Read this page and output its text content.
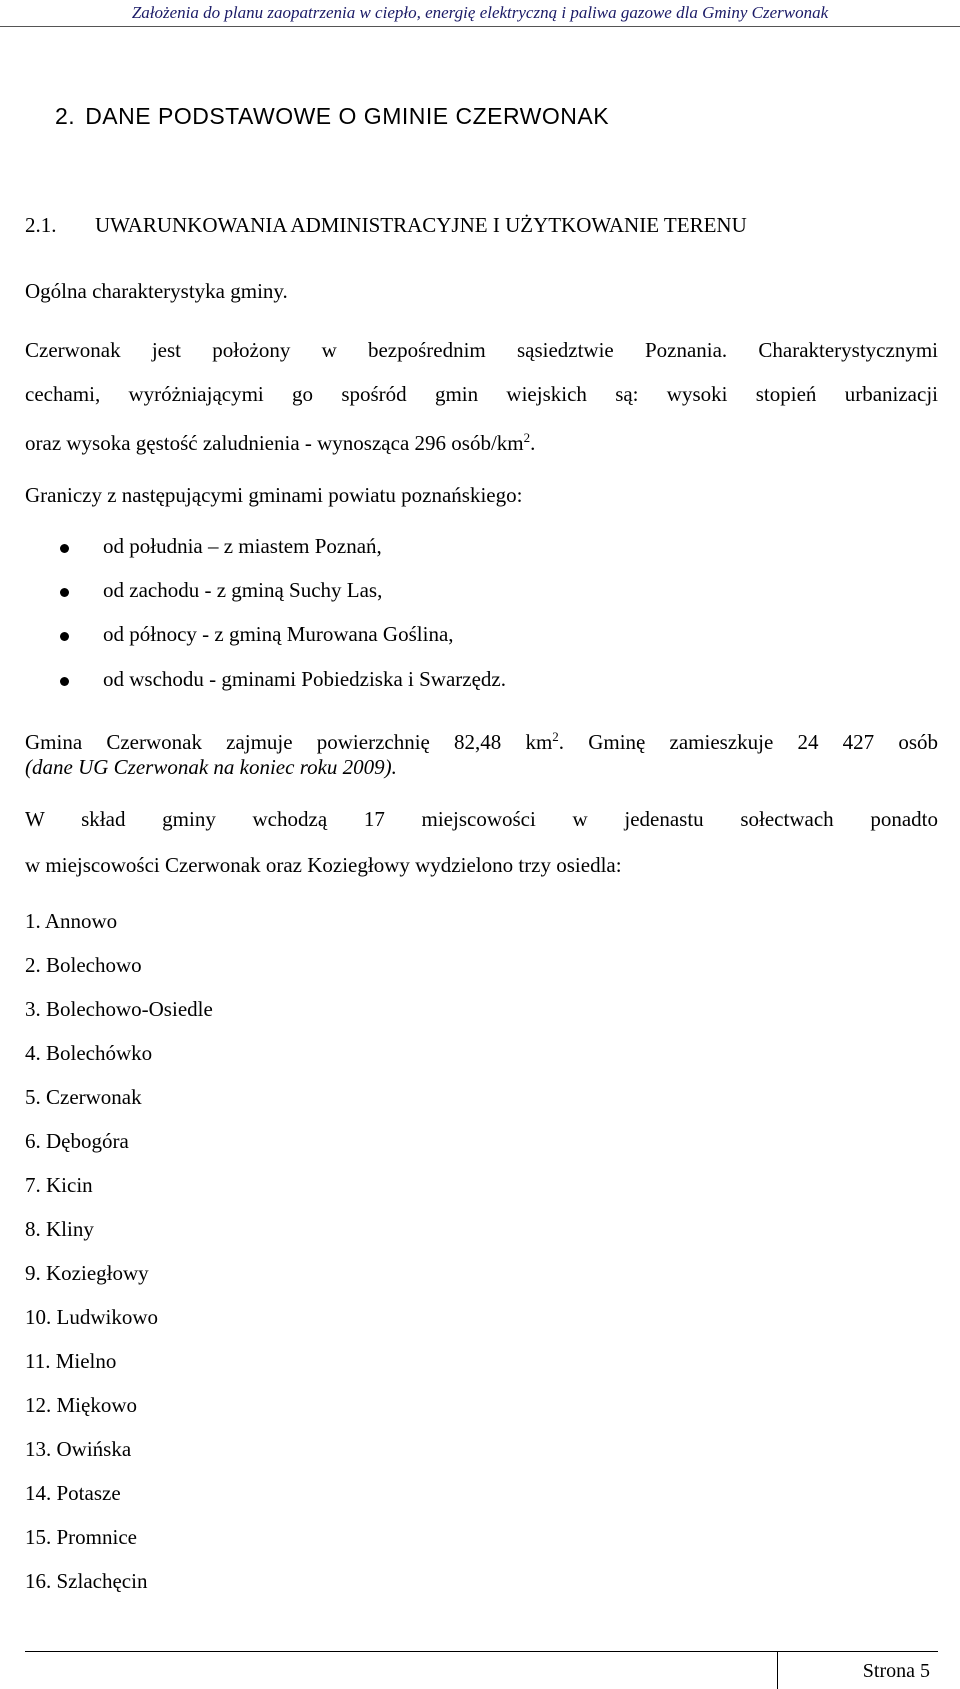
Założenia do planu zaopatrzenia w ciepło, energię elektryczną i paliwa gazowe dla Gminy Czerwonak
2. DANE PODSTAWOWE O GMINIE CZERWONAK
2.1. UWARUNKOWANIA ADMINISTRACYJNE I UŻYTKOWANIE TERENU
Ogólna charakterystyka gminy.
Czerwonak jest położony w bezpośrednim sąsiedztwie Poznania. Charakterystycznymi
cechami, wyróżniającymi go spośród gmin wiejskich są: wysoki stopień urbanizacji
oraz wysoka gęstość zaludnienia - wynosząca 296 osób/$km^2$.
Graniczy z następującymi gminami powiatu poznańskiego:
od południa – z miastem Poznań,
od zachodu - z gminą Suchy Las,
od północy - z gminą Murowana Goślina,
od wschodu - gminami Pobiedziska i Swarzędz.
Gmina Czerwonak zajmuje powierzchnię 82,48 $km^2$. Gminę zamieszkuje 24 427 osób
(dane UG Czerwonak na koniec roku 2009).
W skład gminy wchodzą 17 miejscowości w jedenastu sołectwach ponadto
w miejscowości Czerwonak oraz Koziegłowy wydzielono trzy osiedla:
1. Annowo
2. Bolechowo
3. Bolechowo-Osiedle
4. Bolechówko
5. Czerwonak
6. Dębogóra
7. Kicin
8. Kliny
9. Koziegłowy
10. Ludwikowo
11. Mielno
12. Miękowo
13. Owińska
14. Potasze
15. Promnice
16. Szlachęcin
Strona 5
